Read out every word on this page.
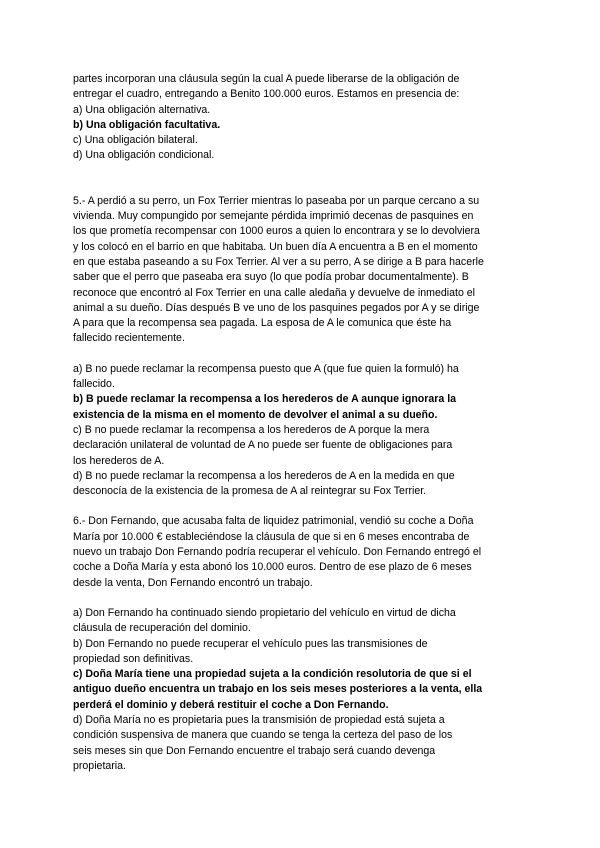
partes incorporan una cláusula según la cual A puede liberarse de la obligación de
entregar el cuadro, entregando a Benito 100.000 euros. Estamos en presencia de:
a) Una obligación alternativa.
b) Una obligación facultativa.
c) Una obligación bilateral.
d) Una obligación condicional.
5.- A perdió a su perro, un Fox Terrier mientras lo paseaba por un parque cercano a su
vivienda. Muy compungido por semejante pérdida imprimió decenas de pasquines en
los que prometía recompensar con 1000 euros a quien lo encontrara y se lo devolviera
y los colocó en el barrio en que habitaba. Un buen día A encuentra a B en el momento
en que estaba paseando a su Fox Terrier. Al ver a su perro, A se dirige a B para hacerle
saber que el perro que paseaba era suyo (lo que podía probar documentalmente). B
reconoce que encontró al Fox Terrier en una calle aledaña y devuelve de inmediato el
animal a su dueño. Días después B ve uno de los pasquines pegados por A y se dirige
A para que la recompensa sea pagada. La esposa de A le comunica que éste ha
fallecido recientemente.
a) B no puede reclamar la recompensa puesto que A (que fue quien la formuló) ha
fallecido.
b) B puede reclamar la recompensa a los herederos de A aunque ignorara la
existencia de la misma en el momento de devolver el animal a su dueño.
c) B no puede reclamar la recompensa a los herederos de A porque la mera
declaración unilateral de voluntad de A no puede ser fuente de obligaciones para
los herederos de A.
d) B no puede reclamar la recompensa a los herederos de A en la medida en que
desconocía de la existencia de la promesa de A al reintegrar su Fox Terrier.
6.- Don Fernando, que acusaba falta de liquidez patrimonial, vendió su coche a Doña
María por 10.000 € estableciéndose la cláusula de que si en 6 meses encontraba de
nuevo un trabajo Don Fernando podría recuperar el vehículo. Don Fernando entregó el
coche a Doña María y esta abonó los 10.000 euros. Dentro de ese plazo de 6 meses
desde la venta, Don Fernando encontró un trabajo.
a) Don Fernando ha continuado siendo propietario del vehículo en virtud de dicha
cláusula de recuperación del dominio.
b) Don Fernando no puede recuperar el vehículo pues las transmisiones de
propiedad son definitivas.
c) Doña María tiene una propiedad sujeta a la condición resolutoria de que si el
antiguo dueño encuentra un trabajo en los seis meses posteriores a la venta, ella
perderá el dominio y deberá restituir el coche a Don Fernando.
d) Doña María no es propietaria pues la transmisión de propiedad está sujeta a
condición suspensiva de manera que cuando se tenga la certeza del paso de los
seis meses sin que Don Fernando encuentre el trabajo será cuando devenga
propietaria.
